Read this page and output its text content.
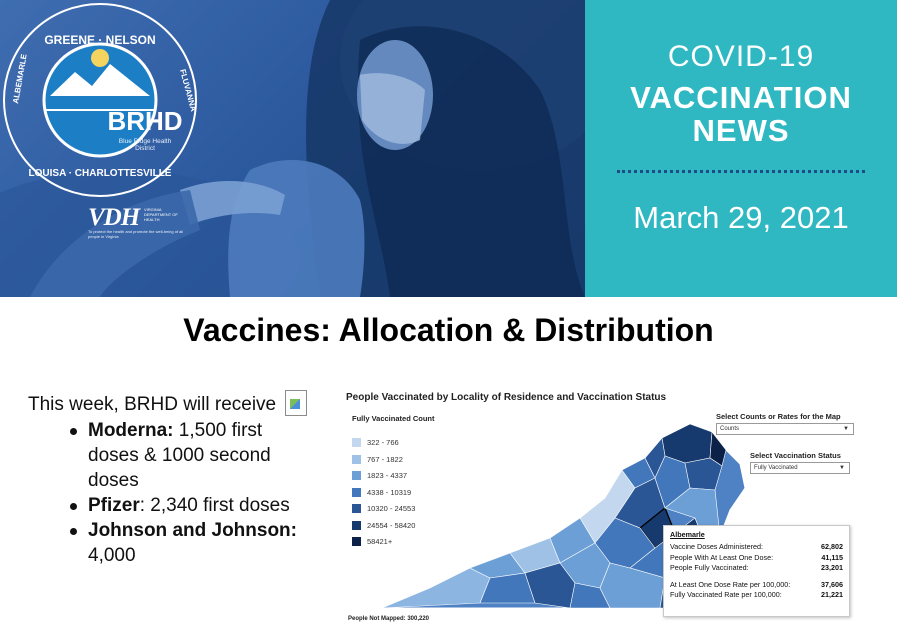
GREENE · NELSON
LOUISA · CHARLOTTESVILLE
ALBEMARLE	FLUVANNA
BRHD
Blue Ridge Health District
VDH VIRGINIA DEPARTMENT OF HEALTH
To protect the health and promote the well-being of all people in Virginia
COVID-19
VACCINATION
NEWS
March 29, 2021
Vaccines: Allocation & Distribution
This week, BRHD will receive
Moderna: 1,500 first doses & 1000 second doses
Pfizer: 2,340 first doses
Johnson and Johnson: 4,000
People Vaccinated by Locality of Residence and Vaccination Status
Fully Vaccinated Count
322 - 766
767 - 1822
1823 - 4337
4338 - 10319
10320 - 24553
24554 - 58420
58421+
Select Counts or Rates for the Map
Counts	▼
Select Vaccination Status
Fully Vaccinated	▼
Albemarle
Vaccine Doses Administered:	62,802
People With At Least One Dose:	41,115
People Fully Vaccinated:	23,201
At Least One Dose Rate per 100,000:	37,606
Fully Vaccinated Rate per 100,000:	21,221
People Not Mapped: 300,220
